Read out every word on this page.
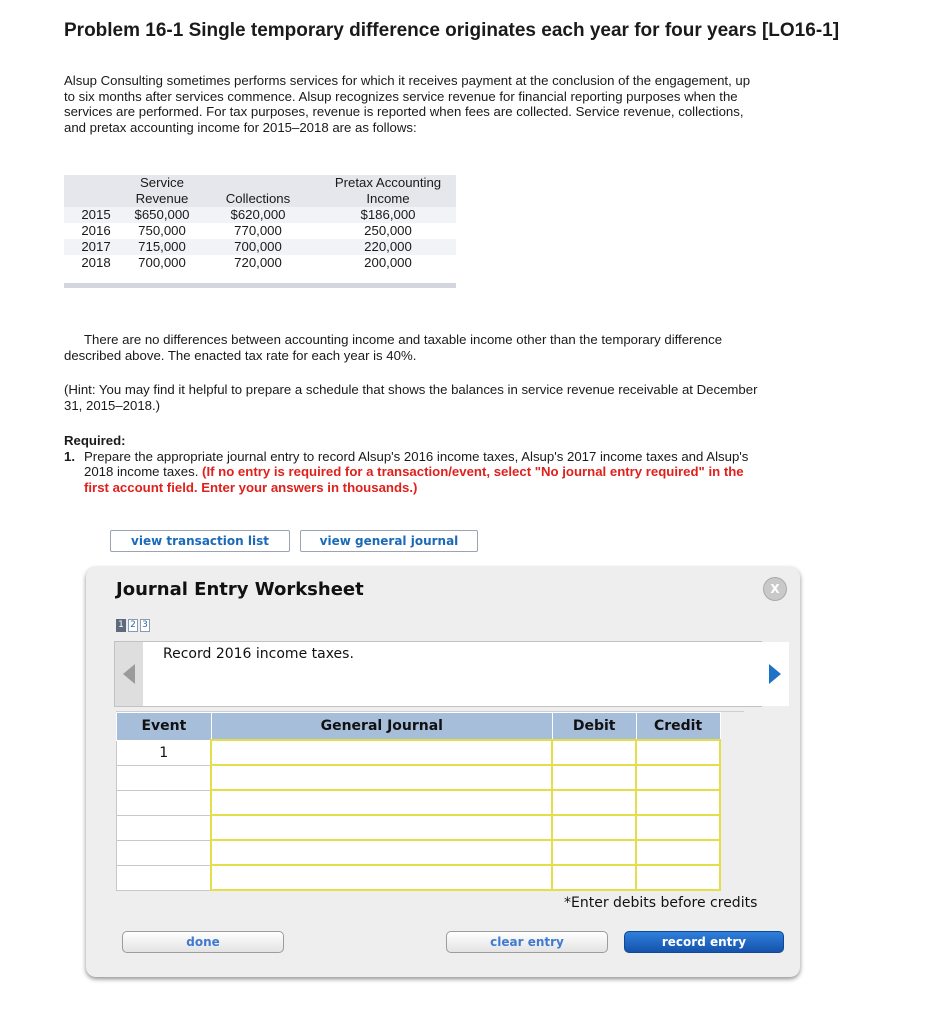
Problem 16-1 Single temporary difference originates each year for four years [LO16-1]
Alsup Consulting sometimes performs services for which it receives payment at the conclusion of the engagement, up to six months after services commence. Alsup recognizes service revenue for financial reporting purposes when the services are performed. For tax purposes, revenue is reported when fees are collected. Service revenue, collections, and pretax accounting income for 2015–2018 are as follows:
	Service
Revenue	Collections	Pretax Accounting
Income
2015	$650,000	$620,000	$186,000
2016	750,000	770,000	250,000
2017	715,000	700,000	220,000
2018	700,000	720,000	200,000
There are no differences between accounting income and taxable income other than the temporary difference described above. The enacted tax rate for each year is 40%.
(Hint: You may find it helpful to prepare a schedule that shows the balances in service revenue receivable at December 31, 2015–2018.)
Required:
1. Prepare the appropriate journal entry to record Alsup's 2016 income taxes, Alsup's 2017 income taxes and Alsup's 2018 income taxes. (If no entry is required for a transaction/event, select "No journal entry required" in the first account field. Enter your answers in thousands.)
view transaction list	view general journal
Journal Entry Worksheet	X
1 2 3
Record 2016 income taxes.
Event	General Journal	Debit	Credit
1			

*Enter debits before credits
done	clear entry	record entry
